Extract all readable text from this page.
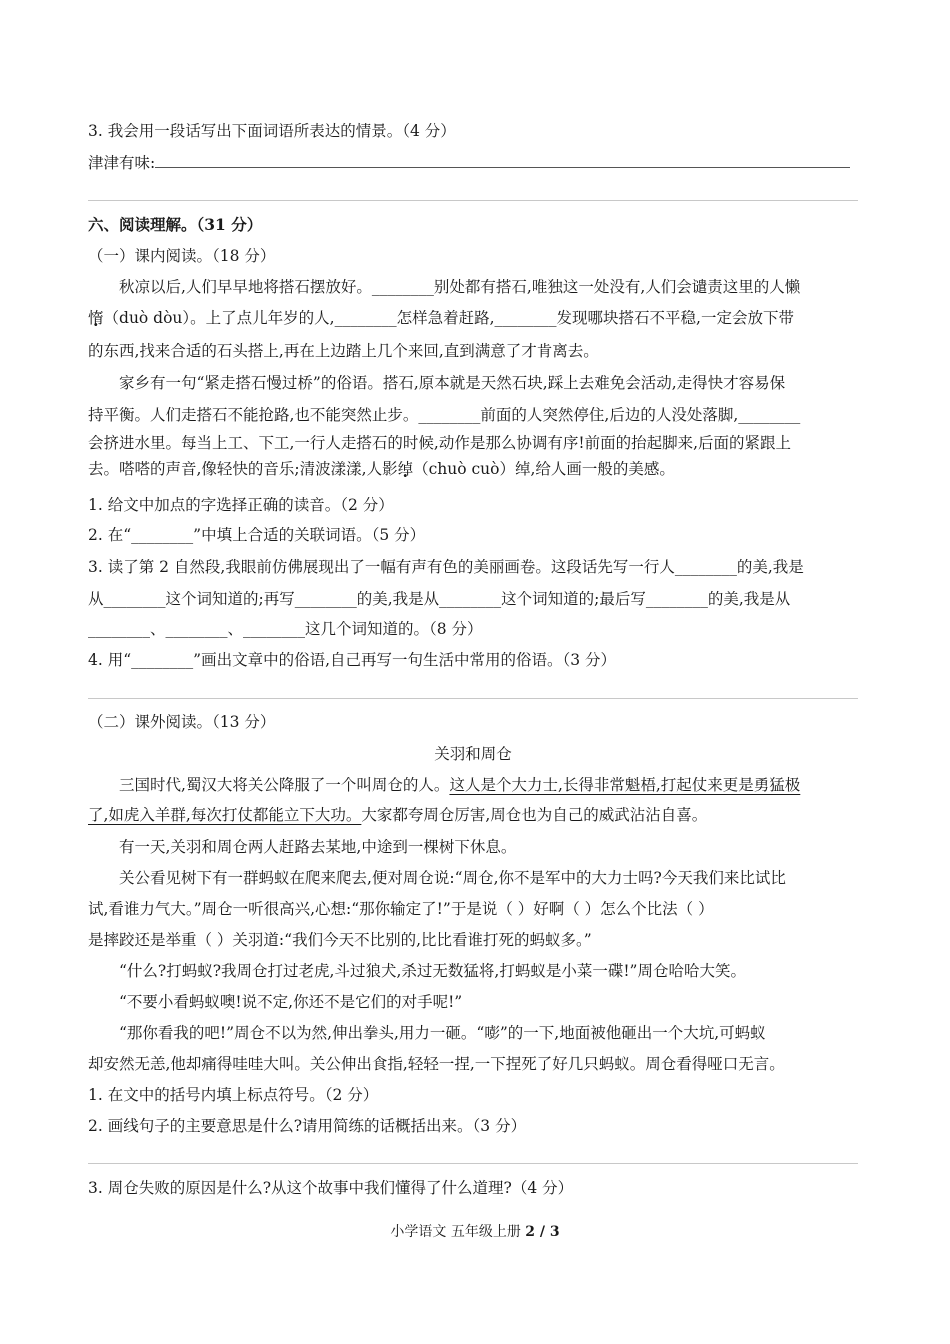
3. 我会用一段话写出下面词语所表达的情景。（4 分）
津津有味:
六、阅读理解。（31 分）
（一）课内阅读。（18 分）
秋凉以后,人们早早地将搭石摆放好。________别处都有搭石,唯独这一处没有,人们会谴责这里的人懒
惰（duò dòu）。上了点儿年岁的人,________怎样急着赶路,________发现哪块搭石不平稳,一定会放下带
的东西,找来合适的石头搭上,再在上边踏上几个来回,直到满意了才肯离去。
家乡有一句“紧走搭石慢过桥”的俗语。搭石,原本就是天然石块,踩上去难免会活动,走得快才容易保
持平衡。人们走搭石不能抢路,也不能突然止步。________前面的人突然停住,后边的人没处落脚,________
会挤进水里。每当上工、下工,一行人走搭石的时候,动作是那么协调有序!前面的抬起脚来,后面的紧跟上
去。嗒嗒的声音,像轻快的音乐;清波漾漾,人影绰（chuò cuò）绰,给人画一般的美感。
1. 给文中加点的字选择正确的读音。（2 分）
2. 在“________”中填上合适的关联词语。（5 分）
3. 读了第 2 自然段,我眼前仿佛展现出了一幅有声有色的美丽画卷。这段话先写一行人________的美,我是
从________这个词知道的;再写________的美,我是从________这个词知道的;最后写________的美,我是从
________、________、________这几个词知道的。（8 分）
4. 用“________”画出文章中的俗语,自己再写一句生活中常用的俗语。（3 分）
（二）课外阅读。（13 分）
关羽和周仓
三国时代,蜀汉大将关公降服了一个叫周仓的人。这人是个大力士,长得非常魁梧,打起仗来更是勇猛极
了,如虎入羊群,每次打仗都能立下大功。大家都夸周仓厉害,周仓也为自己的威武沾沾自喜。
有一天,关羽和周仓两人赶路去某地,中途到一棵树下休息。
关公看见树下有一群蚂蚁在爬来爬去,便对周仓说:“周仓,你不是军中的大力士吗?今天我们来比试比
试,看谁力气大。”周仓一听很高兴,心想:“那你输定了!”于是说（ ）好啊（ ）怎么个比法（ ）
是摔跤还是举重（ ）关羽道:“我们今天不比别的,比比看谁打死的蚂蚁多。”
“什么?打蚂蚁?我周仓打过老虎,斗过狼犬,杀过无数猛将,打蚂蚁是小菜一碟!”周仓哈哈大笑。
“不要小看蚂蚁噢!说不定,你还不是它们的对手呢!”
“那你看我的吧!”周仓不以为然,伸出拳头,用力一砸。“嘭”的一下,地面被他砸出一个大坑,可蚂蚁
却安然无恙,他却痛得哇哇大叫。关公伸出食指,轻轻一捏,一下捏死了好几只蚂蚁。周仓看得哑口无言。
1. 在文中的括号内填上标点符号。（2 分）
2. 画线句子的主要意思是什么?请用简练的话概括出来。（3 分）
3. 周仓失败的原因是什么?从这个故事中我们懂得了什么道理?（4 分）
小学语文 五年级上册 2 / 3
